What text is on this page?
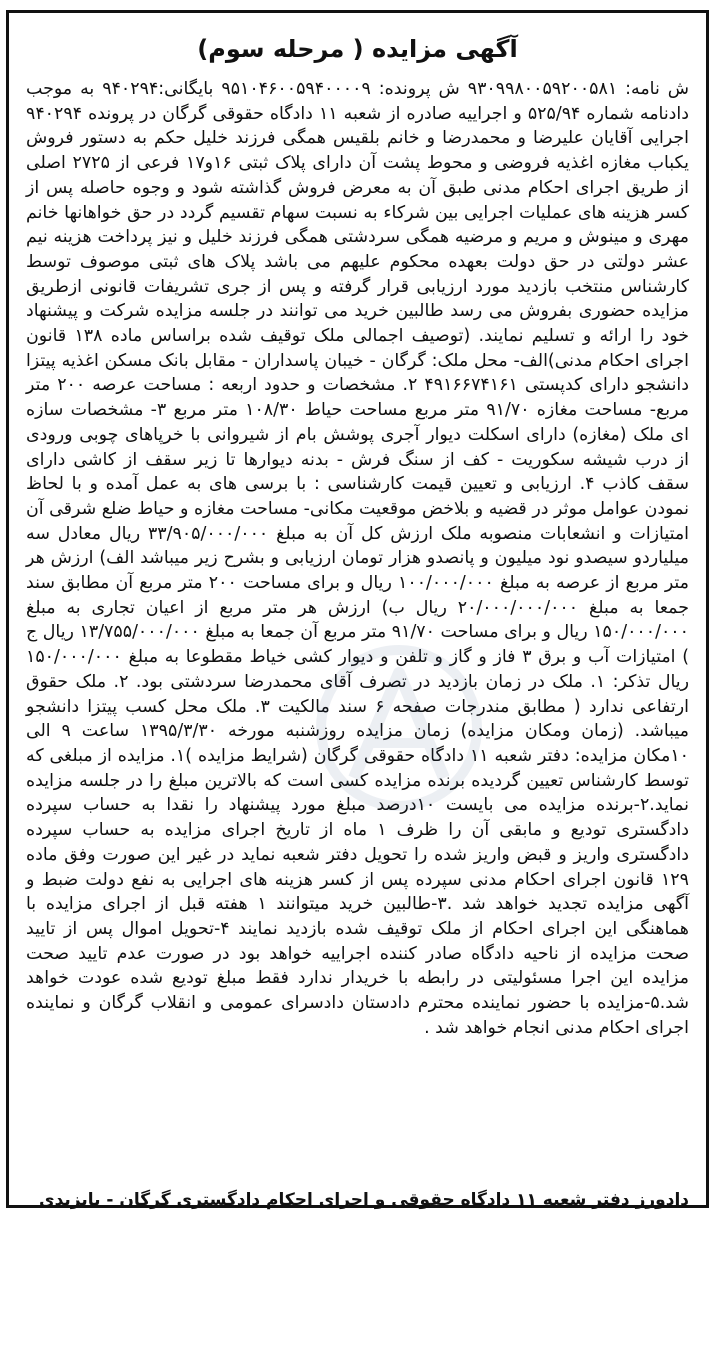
آگهی مزایده ( مرحله سوم)

ش نامه: ۹۳۰۹۹۸۰۰۵۹۲۰۰۵۸۱ ش پرونده: ۹۵۱۰۴۶۰۰۵۹۴۰۰۰۰۹ بایگانی:۹۴۰۲۹۴ به موجب دادنامه شماره ۵۲۵/۹۴ و اجراییه صادره از شعبه ۱۱ دادگاه حقوقی گرگان در پرونده ۹۴۰۲۹۴ اجرایی آقایان علیرضا و محمدرضا و خانم بلقیس همگی فرزند خلیل حکم به دستور فروش یکباب مغازه اغذیه فروضی و محوط پشت آن دارای پلاک ثبتی ۱۶و۱۷ فرعی از ۲۷۲۵ اصلی از طریق اجرای احکام مدنی طبق آن به معرض فروش گذاشته شود و وجوه حاصله پس از کسر هزینه های عملیات اجرایی بین شرکاء به نسبت سهام تقسیم گردد در حق خواهانها خانم مهری و مینوش و مریم و مرضیه همگی سردشتی همگی فرزند خلیل و نیز پرداخت هزینه نیم عشر دولتی در حق دولت بعهده محکوم علیهم می باشد پلاک های ثبتی موصوف توسط کارشناس منتخب بازدید مورد ارزیابی قرار گرفته و پس از جری تشریفات قانونی ازطریق مزایده حضوری بفروش می رسد طالبین خرید می توانند در جلسه مزایده شرکت و پیشنهاد خود را ارائه و تسلیم نمایند. (توصیف اجمالی ملک توقیف شده براساس ماده ۱۳۸ قانون اجرای احکام مدنی)الف- محل ملک: گرگان - خیبان پاسداران - مقابل بانک مسکن اغذیه پیتزا دانشجو دارای کدپستی ۴۹۱۶۶۷۴۱۶۱ ۲. مشخصات و حدود اربعه : مساحت عرصه ۲۰۰ متر مربع- مساحت مغازه ۹۱/۷۰ متر مربع مساحت حیاط ۱۰۸/۳۰ متر مربع ۳- مشخصات سازه ای ملک (مغازه) دارای اسکلت دیوار آجری پوشش بام از شیروانی با خرپاهای چوبی ورودی از درب شیشه سکوریت - کف از سنگ فرش - بدنه دیوارها تا زیر سقف از کاشی دارای سقف کاذب ۴. ارزیابی و تعیین قیمت کارشناسی : با برسی های به عمل آمده و با لحاظ نمودن عوامل موثر در قضیه و بلاخض موقعیت مکانی- مساحت مغازه و حیاط ضلع شرقی آن امتیازات و انشعابات منصوبه ملک ارزش کل آن به مبلغ ۳۳/۹۰۵/۰۰۰/۰۰۰ ریال معادل سه میلیاردو سیصدو نود میلیون و پانصدو هزار تومان ارزیابی و بشرح زیر میباشد الف) ارزش هر متر مربع از عرصه به مبلغ ۱۰۰/۰۰۰/۰۰۰ ریال و برای مساحت ۲۰۰ متر مربع آن مطابق سند جمعا به مبلغ ۲۰/۰۰۰/۰۰۰/۰۰۰ ریال ب) ارزش هر متر مربع از اعیان تجاری به مبلغ ۱۵۰/۰۰۰/۰۰۰ ریال و برای مساحت ۹۱/۷۰ متر مربع آن جمعا به مبلغ ۱۳/۷۵۵/۰۰۰/۰۰۰ ریال ج ) امتیازات آب و برق ۳ فاز و گاز و تلفن و دیوار کشی خیاط مقطوعا به مبلغ ۱۵۰/۰۰۰/۰۰۰ ریال تذکر: ۱. ملک در زمان بازدید در تصرف آقای محمدرضا سردشتی بود. ۲. ملک حقوق ارتفاعی ندارد ( مطابق مندرجات صفحه ۶ سند مالکیت ۳. ملک محل کسب پیتزا دانشجو میباشد. (زمان ومکان مزایده) زمان مزایده روزشنبه مورخه ۱۳۹۵/۳/۳۰ ساعت ۹ الی ۱۰مکان مزایده: دفتر شعبه ۱۱ دادگاه حقوقی گرگان (شرایط مزایده )۱. مزایده از مبلغی که توسط کارشناس تعیین گردیده برنده مزایده کسی است که بالاترین مبلغ را در جلسه مزایده نماید.۲-برنده مزایده می بایست ۱۰درصد مبلغ مورد پیشنهاد را نقدا به حساب سپرده دادگستری تودیع و مابقی آن را ظرف ۱ ماه از تاریخ اجرای مزایده به حساب سپرده دادگستری واریز و قبض واریز شده را تحویل دفتر شعبه نماید در غیر این صورت وفق ماده ۱۲۹ قانون اجرای احکام مدنی سپرده پس از کسر هزینه های اجرایی به نفع دولت ضبط و آگهی مزایده تجدید خواهد شد .۳-طالبین خرید میتوانند ۱ هفته قبل از اجرای مزایده با هماهنگی این اجرای احکام از ملک توقیف شده بازدید نمایند ۴-تحویل اموال پس از تایید صحت مزایده از ناحیه دادگاه صادر کننده اجراییه خواهد بود در صورت عدم تایید صحت مزایده این اجرا مسئولیتی در رابطه با خریدار ندارد فقط مبلغ تودیع شده عودت خواهد شد.۵-مزایده با حضور نماینده محترم دادستان دادسرای عمومی و انقلاب گرگان و نماینده اجرای احکام مدنی انجام خواهد شد .

دادورز دفتر شعبه ۱۱ دادگاه حقوقی و اجرای احکام دادگستری گرگان - بایزیدی
